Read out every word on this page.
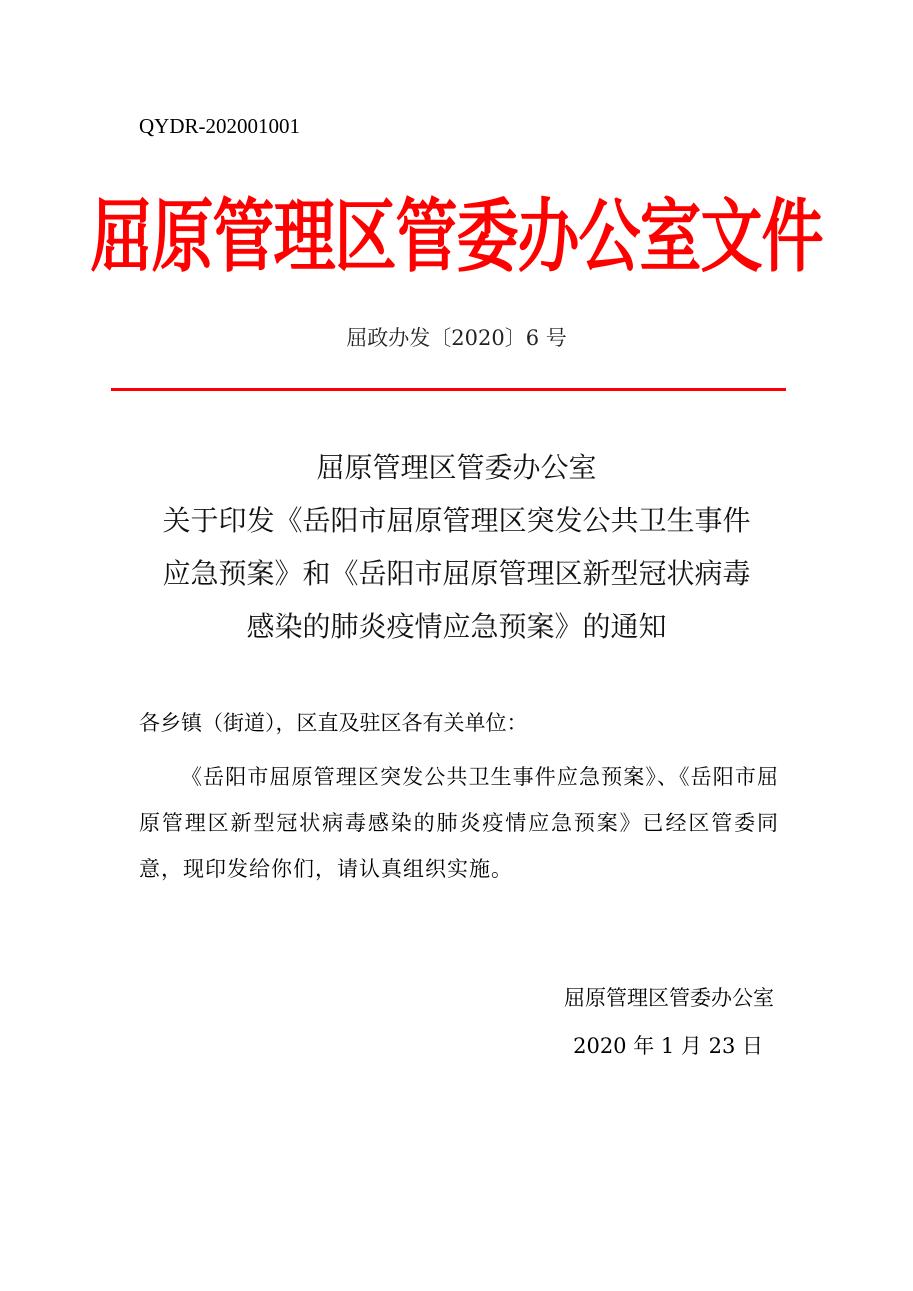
QYDR-202001001
屈原管理区管委办公室文件
屈政办发〔2020〕6 号
屈原管理区管委办公室
关于印发《岳阳市屈原管理区突发公共卫生事件
应急预案》和《岳阳市屈原管理区新型冠状病毒
感染的肺炎疫情应急预案》的通知
各乡镇（街道），区直及驻区各有关单位：
《岳阳市屈原管理区突发公共卫生事件应急预案》、《岳阳市屈原管理区新型冠状病毒感染的肺炎疫情应急预案》已经区管委同意，现印发给你们，请认真组织实施。
屈原管理区管委办公室
2020 年 1 月 23 日
